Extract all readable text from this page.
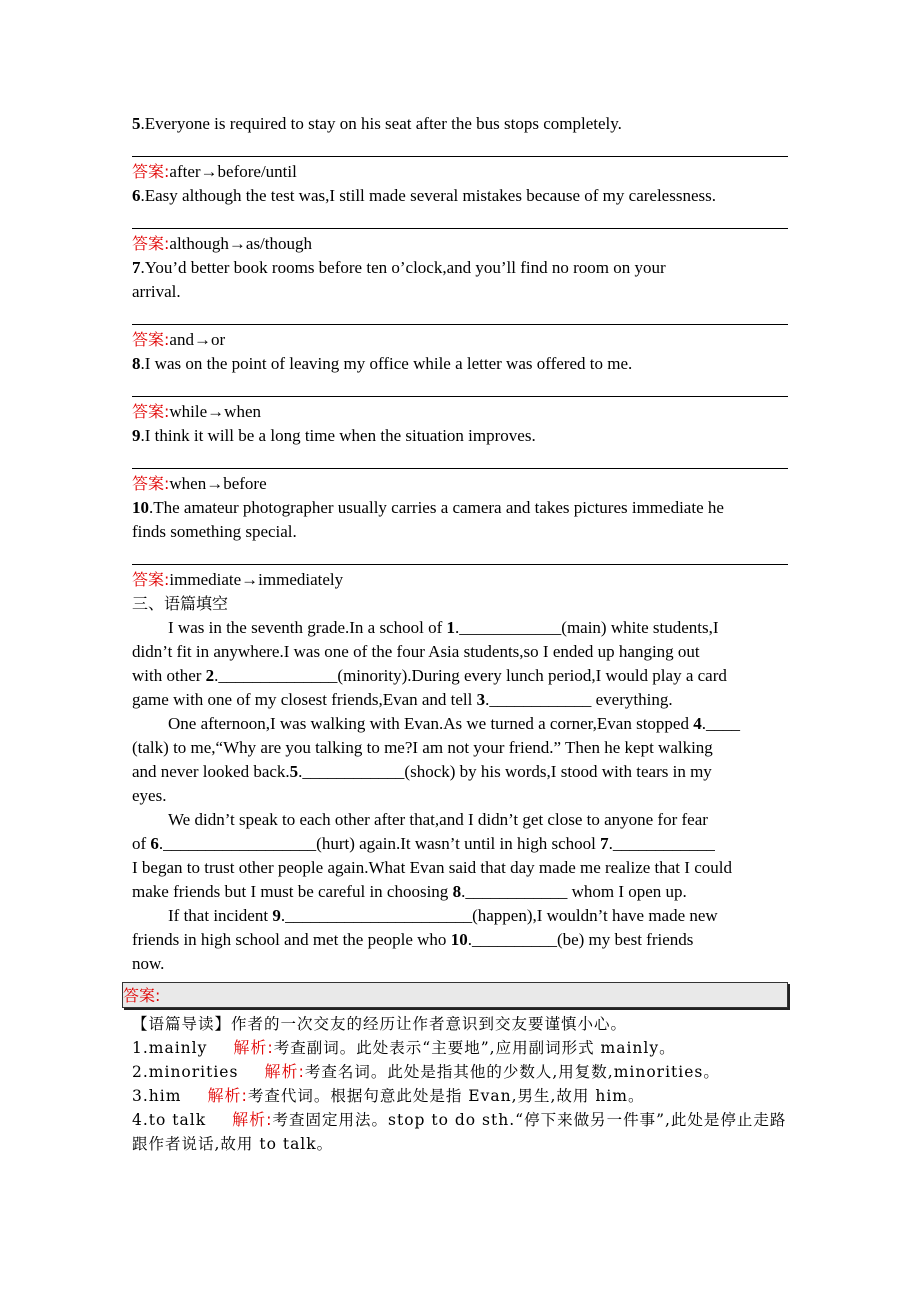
5.Everyone is required to stay on his seat after the bus stops completely.
答案:after→before/until
6.Easy although the test was,I still made several mistakes because of my carelessness.
答案:although→as/though
7.You’d better book rooms before ten o’clock,and you’ll find no room on your
arrival.
答案:and→or
8.I was on the point of leaving my office while a letter was offered to me.
答案:while→when
9.I think it will be a long time when the situation improves.
答案:when→before
10.The amateur photographer usually carries a camera and takes pictures immediate he
finds something special.
答案:immediate→immediately
三、语篇填空
I was in the seventh grade.In a school of 1.____________(main) white students,I
didn’t fit in anywhere.I was one of the four Asia students,so I ended up hanging out
with other 2.______________(minority).During every lunch period,I would play a card
game with one of my closest friends,Evan and tell 3.____________ everything.
One afternoon,I was walking with Evan.As we turned a corner,Evan stopped 4.____
(talk) to me,“Why are you talking to me?I am not your friend.” Then he kept walking
and never looked back.5.____________(shock) by his words,I stood with tears in my
eyes.
We didn’t speak to each other after that,and I didn’t get close to anyone for fear
of 6.__________________(hurt) again.It wasn’t until in high school 7.____________
I began to trust other people again.What Evan said that day made me realize that I could
make friends but I must be careful in choosing 8.____________ whom I open up.
If that incident 9.______________________(happen),I wouldn’t have made new
friends in high school and met the people who 10.__________(be) my best friends
now.
答案:
【语篇导读】作者的一次交友的经历让作者意识到交友要谨慎小心。
1.mainly 解析:考查副词。此处表示“主要地”,应用副词形式 mainly。
2.minorities 解析:考查名词。此处是指其他的少数人,用复数,minorities。
3.him 解析:考查代词。根据句意此处是指 Evan,男生,故用 him。
4.to talk 解析:考查固定用法。stop to do sth.“停下来做另一件事”,此处是停止走路
跟作者说话,故用 to talk。
